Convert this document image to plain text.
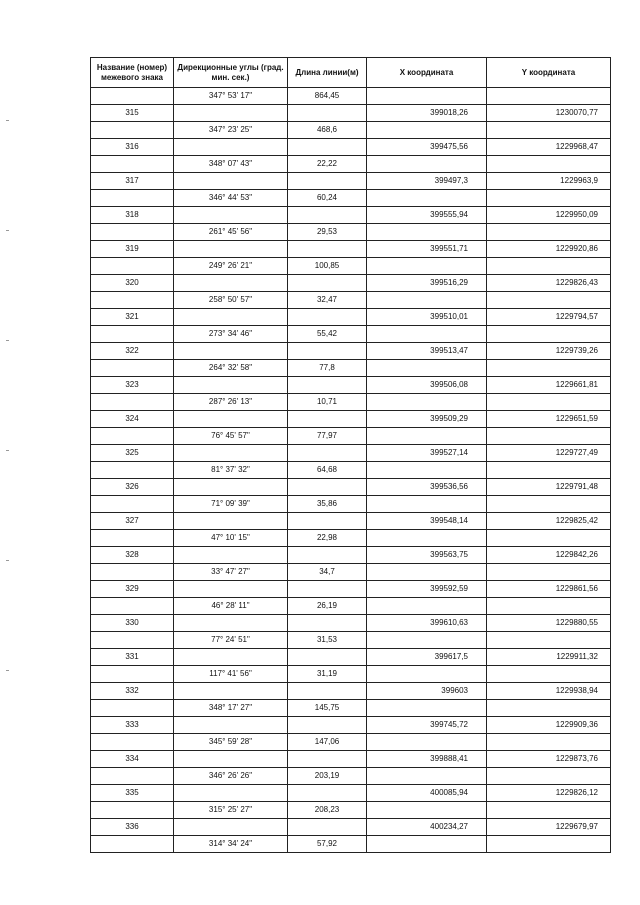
Название (номер) межевого знака	Дирекционные углы (град. мин. сек.)	Длина линии(м)	X координата	Y координата
	347° 53' 17"	864,45		
315			399018,26	1230070,77
	347° 23' 25"	468,6		
316			399475,56	1229968,47
	348° 07' 43"	22,22		
317			399497,3	1229963,9
	346° 44' 53"	60,24		
318			399555,94	1229950,09
	261° 45' 56"	29,53		
319			399551,71	1229920,86
	249° 26' 21"	100,85		
320			399516,29	1229826,43
	258° 50' 57"	32,47		
321			399510,01	1229794,57
	273° 34' 46"	55,42		
322			399513,47	1229739,26
	264° 32' 58"	77,8		
323			399506,08	1229661,81
	287° 26' 13"	10,71		
324			399509,29	1229651,59
	76° 45' 57"	77,97		
325			399527,14	1229727,49
	81° 37' 32"	64,68		
326			399536,56	1229791,48
	71° 09' 39"	35,86		
327			399548,14	1229825,42
	47° 10' 15"	22,98		
328			399563,75	1229842,26
	33° 47' 27"	34,7		
329			399592,59	1229861,56
	46° 28' 11"	26,19		
330			399610,63	1229880,55
	77° 24' 51"	31,53		
331			399617,5	1229911,32
	117° 41' 56"	31,19		
332			399603	1229938,94
	348° 17' 27"	145,75		
333			399745,72	1229909,36
	345° 59' 28"	147,06		
334			399888,41	1229873,76
	346° 26' 26"	203,19		
335			400085,94	1229826,12
	315° 25' 27"	208,23		
336			400234,27	1229679,97
	314° 34' 24"	57,92		
